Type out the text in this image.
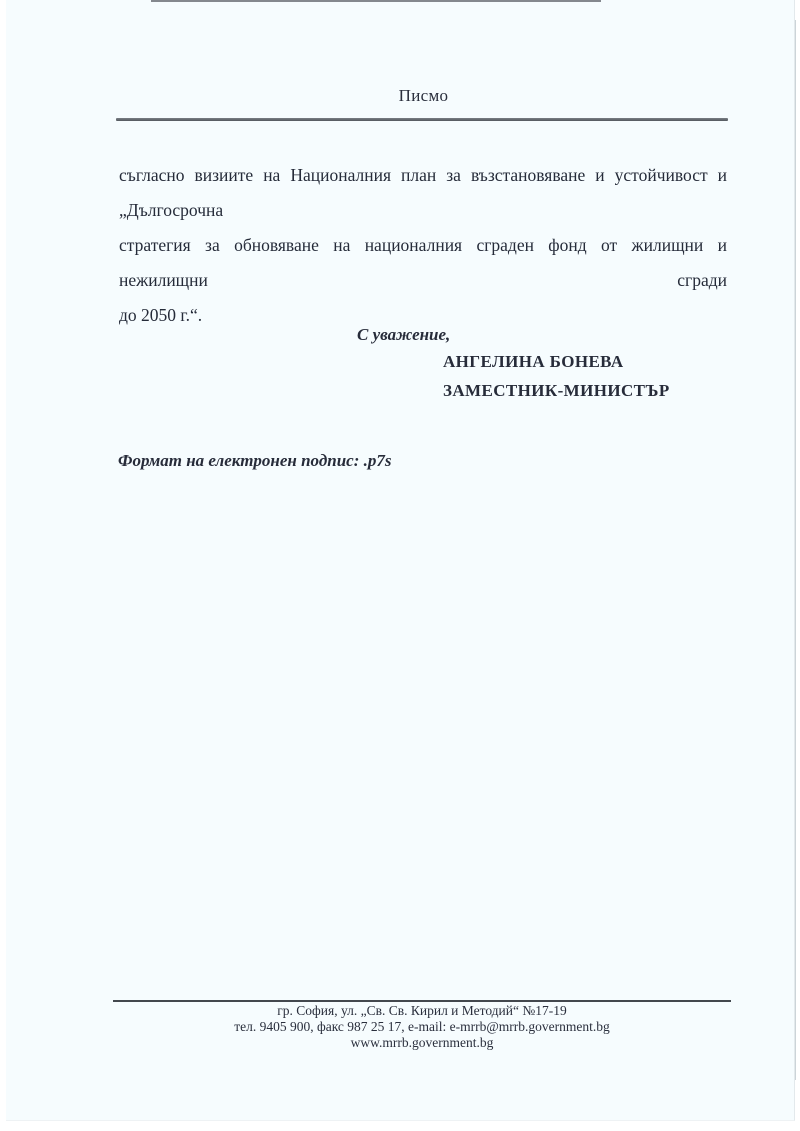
Писмо
съгласно визиите на Националния план за възстановяване и устойчивост и „Дългосрочна
стратегия за обновяване на националния сграден фонд от жилищни и нежилищни сгради
до 2050 г.“.
С уважение,
АНГЕЛИНА БОНЕВА
ЗАМЕСТНИК-МИНИСТЪР
Формат на електронен подпис: .p7s
гр. София, ул. „Св. Св. Кирил и Методий“ №17-19
тел. 9405 900, факс 987 25 17, e-mail: e-mrrb@mrrb.government.bg
www.mrrb.government.bg
